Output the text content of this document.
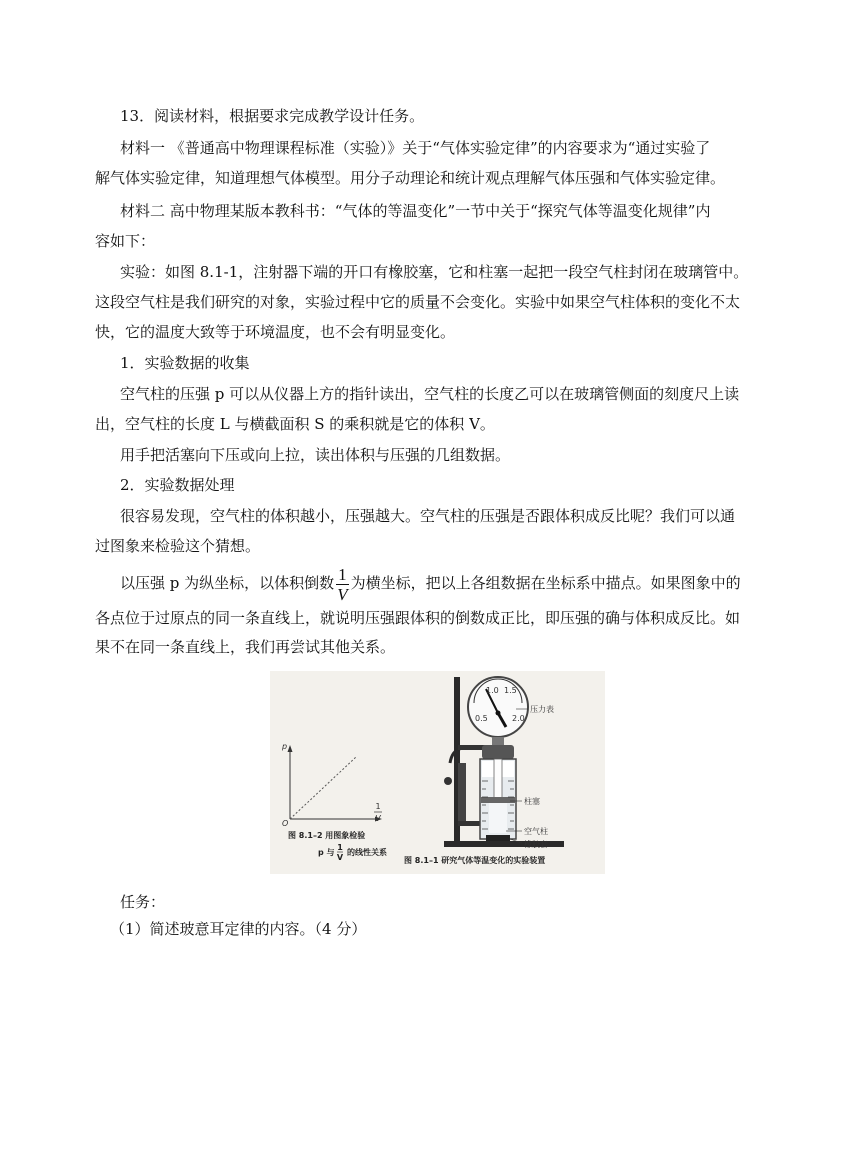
13．阅读材料，根据要求完成教学设计任务。
材料一 《普通高中物理课程标准（实验）》关于“气体实验定律”的内容要求为“通过实验了
解气体实验定律，知道理想气体模型。用分子动理论和统计观点理解气体压强和气体实验定律。
材料二 高中物理某版本教科书：“气体的等温变化”一节中关于“探究气体等温变化规律”内
容如下：
实验：如图 8.1-1，注射器下端的开口有橡胶塞，它和柱塞一起把一段空气柱封闭在玻璃管中。
这段空气柱是我们研究的对象，实验过程中它的质量不会变化。实验中如果空气柱体积的变化不太
快，它的温度大致等于环境温度，也不会有明显变化。
1．实验数据的收集
空气柱的压强 p 可以从仪器上方的指针读出，空气柱的长度乙可以在玻璃管侧面的刻度尺上读
出，空气柱的长度 L 与横截面积 S 的乘积就是它的体积 V。
用手把活塞向下压或向上拉，读出体积与压强的几组数据。
2．实验数据处理
很容易发现，空气柱的体积越小，压强越大。空气柱的压强是否跟体积成反比呢？我们可以通
过图象来检验这个猜想。
以压强 p 为纵坐标，以体积倒数 $\frac{1}{V}$ 为横坐标，把以上各组数据在坐标系中描点。如果图象中的
各点位于过原点的同一条直线上，就说明压强跟体积的倒数成正比，即压强的确与体积成反比。如
果不在同一条直线上，我们再尝试其他关系。
p
O
1
V
图 8.1–2 用图象检验
p 与
1
V
的线性关系
0.5
1.0 1.5
2.0
压力表
柱塞
空气柱
橡胶套
图 8.1–1 研究气体等温变化的实验装置
任务：
（1）简述玻意耳定律的内容。（4 分）
